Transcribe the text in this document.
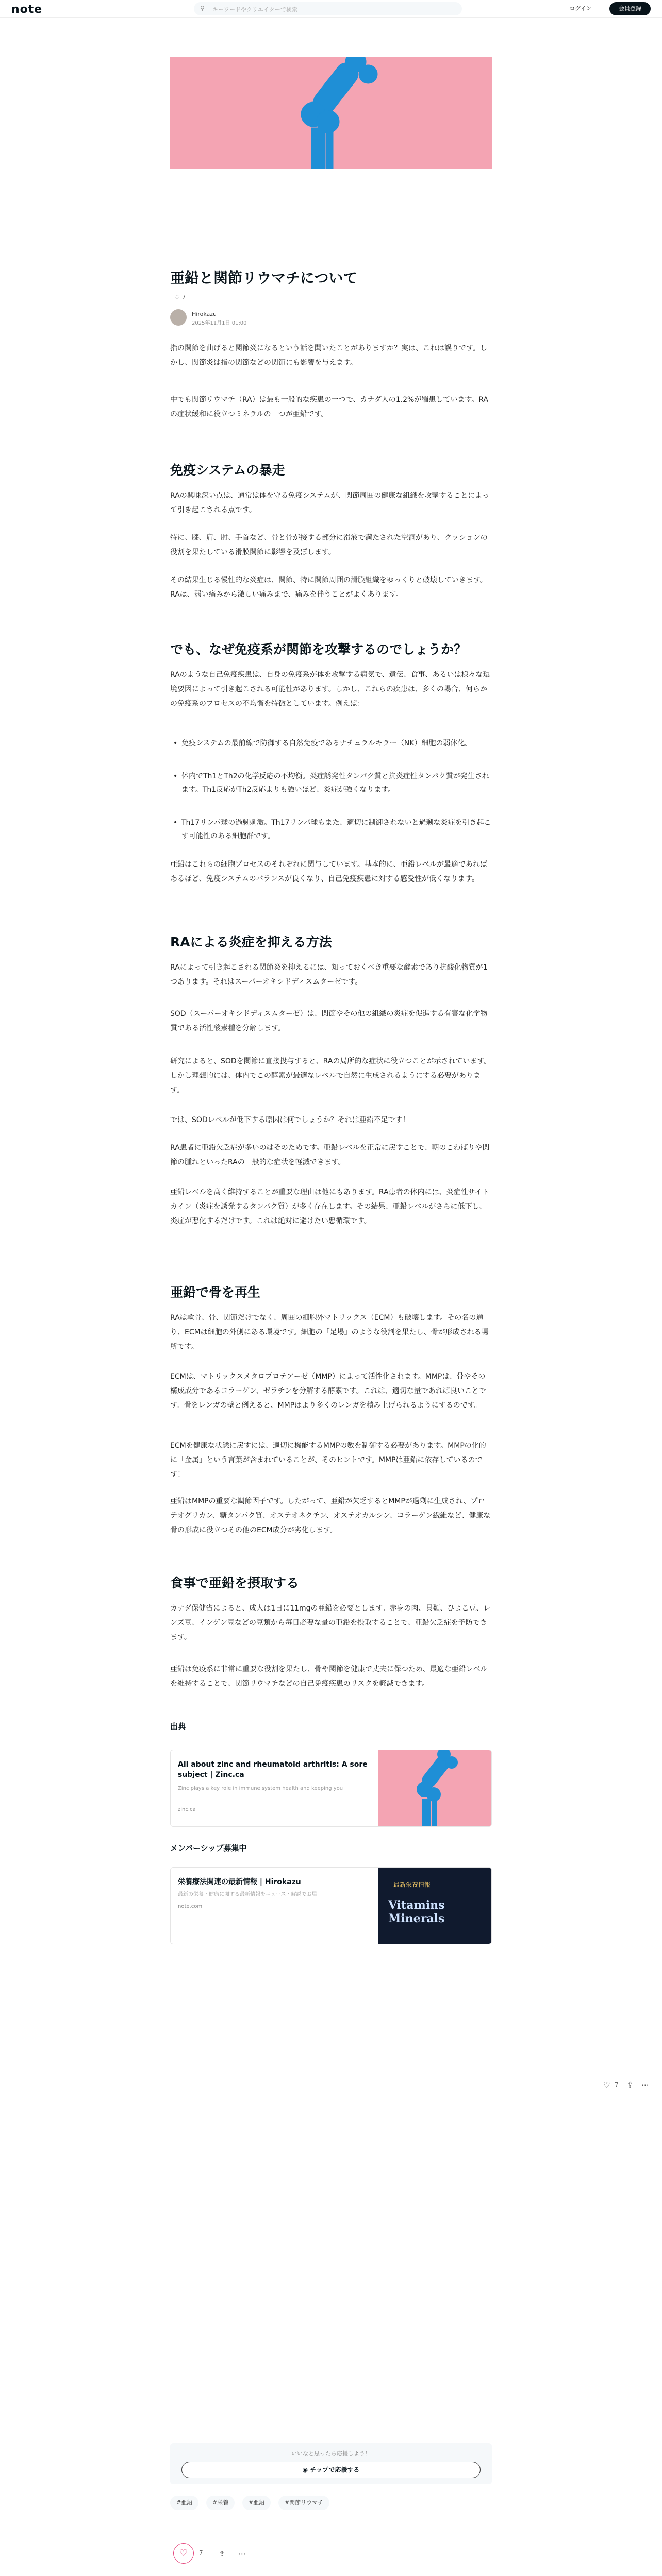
note	⚲ キーワードやクリエイターで検索	ログイン	会員登録
亜鉛と関節リウマチについて
♡ 7
Hirokazu
2025年11月1日 01:00
指の関節を曲げると関節炎になるという話を聞いたことがありますか？実は、これは誤りです。しかし、関節炎は指の関節などの関節にも影響を与えます。
中でも関節リウマチ（RA）は最も一般的な疾患の一つで、カナダ人の1.2%が罹患しています。RAの症状緩和に役立つミネラルの一つが亜鉛です。
免疫システムの暴走
RAの興味深い点は、通常は体を守る免疫システムが、関節周囲の健康な組織を攻撃することによって引き起こされる点です。
特に、膝、肩、肘、手首など、骨と骨が接する部分に滑液で満たされた空洞があり、クッションの役割を果たしている滑膜関節に影響を及ぼします。
その結果生じる慢性的な炎症は、関節、特に関節周囲の滑膜組織をゆっくりと破壊していきます。RAは、弱い痛みから激しい痛みまで、痛みを伴うことがよくあります。
でも、なぜ免疫系が関節を攻撃するのでしょうか？
RAのような自己免疫疾患は、自身の免疫系が体を攻撃する病気で、遺伝、食事、あるいは様々な環境要因によって引き起こされる可能性があります。しかし、これらの疾患は、多くの場合、何らかの免疫系のプロセスの不均衡を特徴としています。例えば：
• 免疫システムの最前線で防御する自然免疫であるナチュラルキラー（NK）細胞の弱体化。
• 体内でTh1とTh2の化学反応の不均衡。炎症誘発性タンパク質と抗炎症性タンパク質が発生されます。Th1反応がTh2反応よりも強いほど、炎症が強くなります。
• Th17リンパ球の過剰刺激。Th17リンパ球もまた、適切に制御されないと過剰な炎症を引き起こす可能性のある細胞群です。
亜鉛はこれらの細胞プロセスのそれぞれに関与しています。基本的に、亜鉛レベルが最適であればあるほど、免疫システムのバランスが良くなり、自己免疫疾患に対する感受性が低くなります。
RAによる炎症を抑える方法
RAによって引き起こされる関節炎を抑えるには、知っておくべき重要な酵素であり抗酸化物質が1つあります。それはスーパーオキシドディスムターゼです。
SOD（スーパーオキシドディスムターゼ）は、関節やその他の組織の炎症を促進する有害な化学物質である活性酸素種を分解します。
研究によると、SODを関節に直接投与すると、RAの局所的な症状に役立つことが示されています。しかし理想的には、体内でこの酵素が最適なレベルで自然に生成されるようにする必要があります。
では、SODレベルが低下する原因は何でしょうか？それは亜鉛不足です！
RA患者に亜鉛欠乏症が多いのはそのためです。亜鉛レベルを正常に戻すことで、朝のこわばりや関節の腫れといったRAの一般的な症状を軽減できます。
亜鉛レベルを高く維持することが重要な理由は他にもあります。RA患者の体内には、炎症性サイトカイン（炎症を誘発するタンパク質）が多く存在します。その結果、亜鉛レベルがさらに低下し、炎症が悪化するだけです。これは絶対に避けたい悪循環です。
亜鉛で骨を再生
RAは軟骨、骨、関節だけでなく、周囲の細胞外マトリックス（ECM）も破壊します。その名の通り、ECMは細胞の外側にある環境です。細胞の「足場」のような役割を果たし、骨が形成される場所です。
ECMは、マトリックスメタロプロテアーゼ（MMP）によって活性化されます。MMPは、骨やその構成成分であるコラーゲン、ゼラチンを分解する酵素です。これは、適切な量であれば良いことです。骨をレンガの壁と例えると、MMPはより多くのレンガを積み上げられるようにするのです。
ECMを健康な状態に戻すには、適切に機能するMMPの数を制御する必要があります。MMPの化的に「金属」という言葉が含まれていることが、そのヒントです。MMPは亜鉛に依存しているのです！
亜鉛はMMPの重要な調節因子です。したがって、亜鉛が欠乏するとMMPが過剰に生成され、プロテオグリカン、糖タンパク質、オステオネクチン、オステオカルシン、コラーゲン繊維など、健康な骨の形成に役立つその他のECM成分が劣化します。
食事で亜鉛を摂取する
カナダ保健省によると、成人は1日に11mgの亜鉛を必要とします。赤身の肉、貝類、ひよこ豆、レンズ豆、インゲン豆などの豆類から毎日必要な量の亜鉛を摂取することで、亜鉛欠乏症を予防できます。
亜鉛は免疫系に非常に重要な役割を果たし、骨や関節を健康で丈夫に保つため、最適な亜鉛レベルを維持することで、関節リウマチなどの自己免疫疾患のリスクを軽減できます。
出典
All about zinc and rheumatoid arthritis: A sore subject | Zinc.ca
Zinc plays a key role in immune system health and keeping you
zinc.ca
メンバーシップ募集中
栄養療法関連の最新情報 | Hirokazu
最新の栄養・健康に関する最新情報をニュース・解説でお届
note.com
最新栄養情報
Vitamins Minerals
いいなと思ったら応援しよう！
◉ チップで応援する
#亜鉛	#栄養	#亜鉛	#関節リウマチ
♡	7 ⇪ ⋯
♡ 7 ⇪ ⋯
